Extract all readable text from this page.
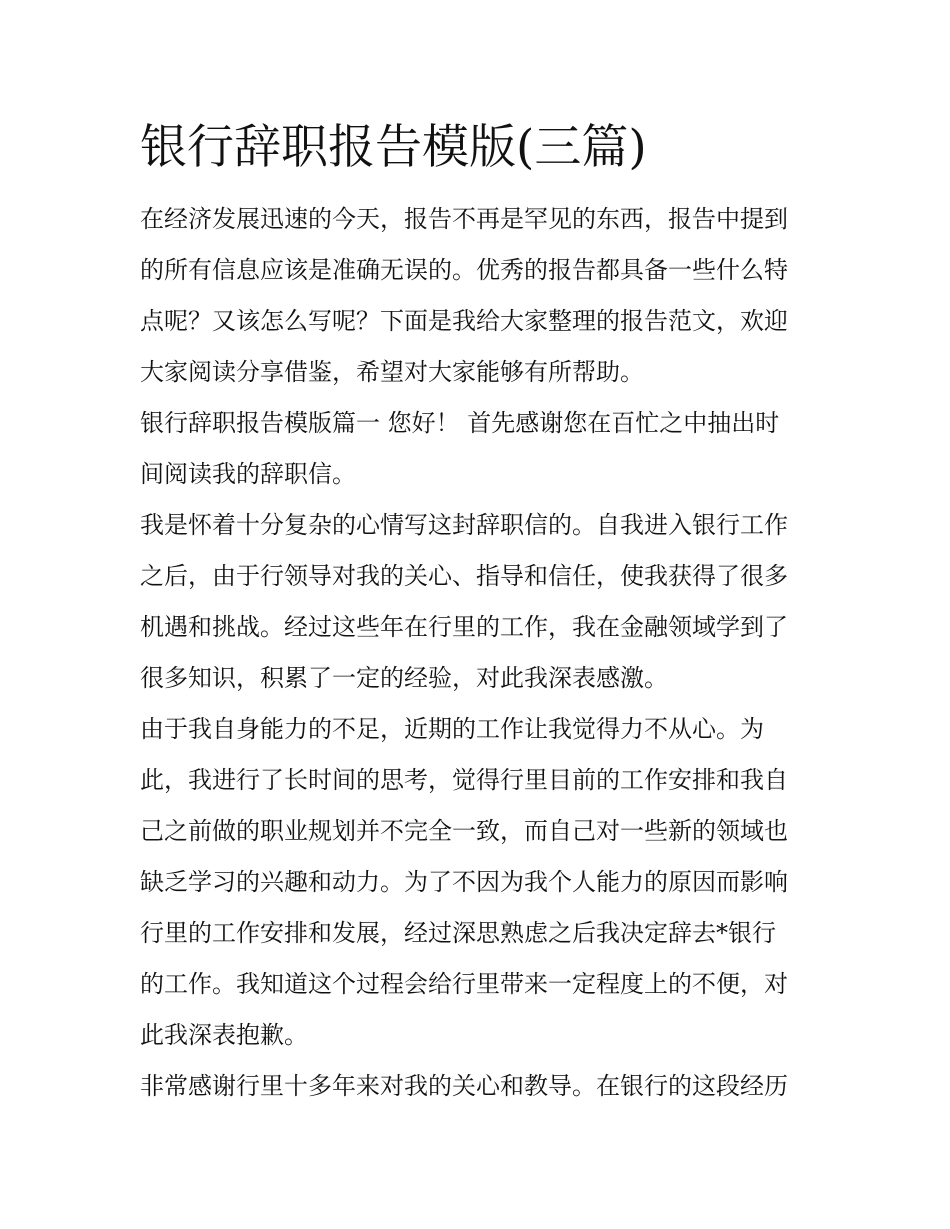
银行辞职报告模版(三篇)
在经济发展迅速的今天，报告不再是罕见的东西，报告中提到
的所有信息应该是准确无误的。优秀的报告都具备一些什么特
点呢？又该怎么写呢？下面是我给大家整理的报告范文，欢迎
大家阅读分享借鉴，希望对大家能够有所帮助。
银行辞职报告模版篇一 您好！ 首先感谢您在百忙之中抽出时
间阅读我的辞职信。
我是怀着十分复杂的心情写这封辞职信的。自我进入银行工作
之后，由于行领导对我的关心、指导和信任，使我获得了很多
机遇和挑战。经过这些年在行里的工作，我在金融领域学到了
很多知识，积累了一定的经验，对此我深表感激。
由于我自身能力的不足，近期的工作让我觉得力不从心。为
此，我进行了长时间的思考，觉得行里目前的工作安排和我自
己之前做的职业规划并不完全一致，而自己对一些新的领域也
缺乏学习的兴趣和动力。为了不因为我个人能力的原因而影响
行里的工作安排和发展，经过深思熟虑之后我决定辞去*银行
的工作。我知道这个过程会给行里带来一定程度上的不便，对
此我深表抱歉。
非常感谢行里十多年来对我的关心和教导。在银行的这段经历
